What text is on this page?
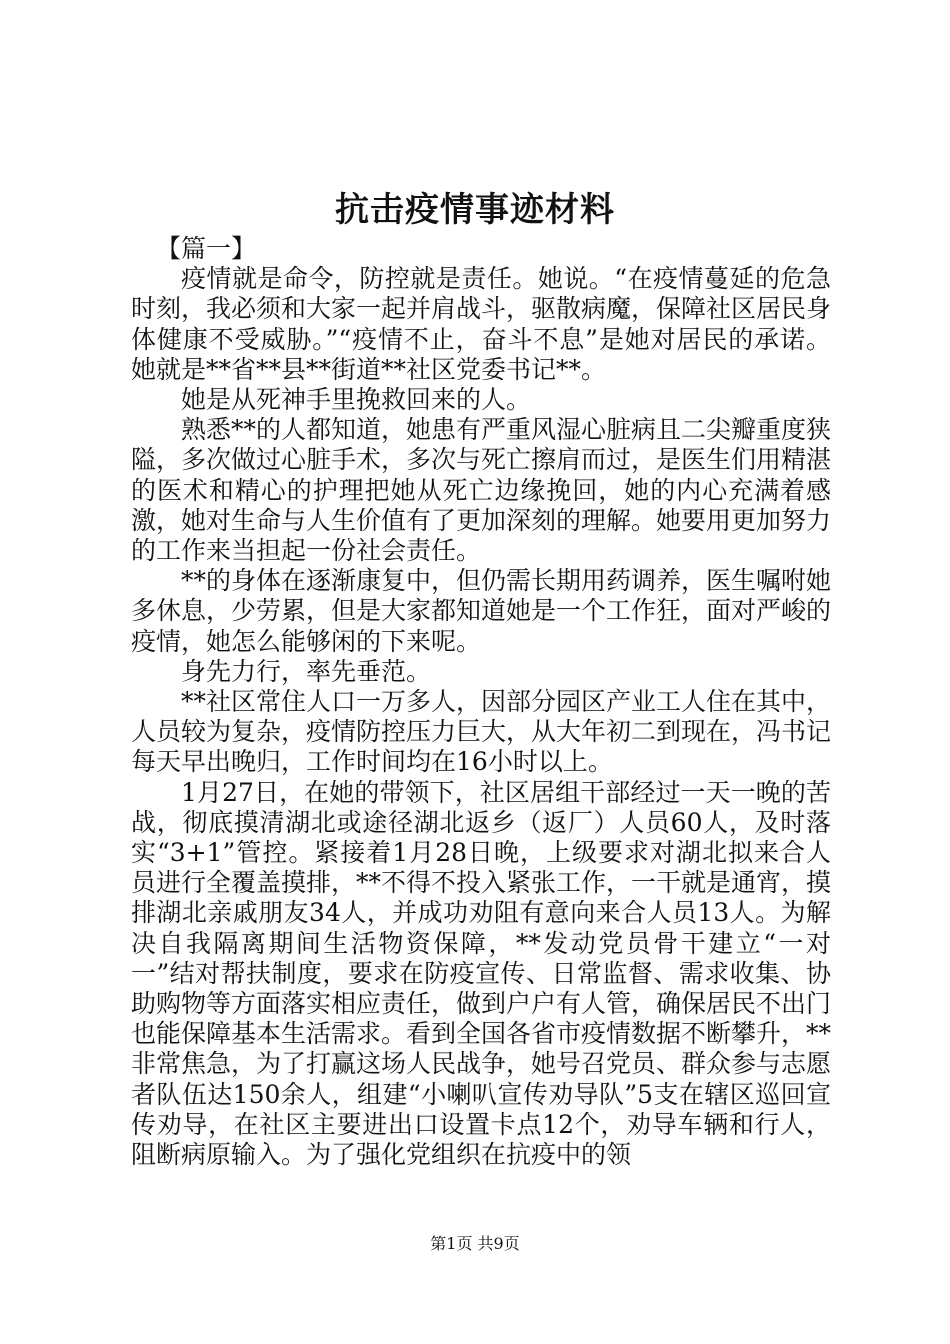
抗击疫情事迹材料

【篇一】

疫情就是命令，防控就是责任。她说。“在疫情蔓延的危急时刻，我必须和大家一起并肩战斗，驱散病魔，保障社区居民身体健康不受威胁。”“疫情不止，奋斗不息”是她对居民的承诺。她就是**省**县**街道**社区党委书记**。

她是从死神手里挽救回来的人。

熟悉**的人都知道，她患有严重风湿心脏病且二尖瓣重度狭隘，多次做过心脏手术，多次与死亡擦肩而过，是医生们用精湛的医术和精心的护理把她从死亡边缘挽回，她的内心充满着感激，她对生命与人生价值有了更加深刻的理解。她要用更加努力的工作来当担起一份社会责任。

**的身体在逐渐康复中，但仍需长期用药调养，医生嘱咐她多休息，少劳累，但是大家都知道她是一个工作狂，面对严峻的疫情，她怎么能够闲的下来呢。

身先力行，率先垂范。

**社区常住人口一万多人，因部分园区产业工人住在其中，人员较为复杂，疫情防控压力巨大，从大年初二到现在，冯书记每天早出晚归，工作时间均在16小时以上。

1月27日，在她的带领下，社区居组干部经过一天一晚的苦战，彻底摸清湖北或途径湖北返乡（返厂）人员60人，及时落实“3+1”管控。紧接着1月28日晚，上级要求对湖北拟来合人员进行全覆盖摸排，**不得不投入紧张工作，一干就是通宵，摸排湖北亲戚朋友34人，并成功劝阻有意向来合人员13人。为解决自我隔离期间生活物资保障，**发动党员骨干建立“一对一”结对帮扶制度，要求在防疫宣传、日常监督、需求收集、协助购物等方面落实相应责任，做到户户有人管，确保居民不出门也能保障基本生活需求。看到全国各省市疫情数据不断攀升，**非常焦急，为了打赢这场人民战争，她号召党员、群众参与志愿者队伍达150余人，组建“小喇叭宣传劝导队”5支在辖区巡回宣传劝导，在社区主要进出口设置卡点12个，劝导车辆和行人，阻断病原输入。为了强化党组织在抗疫中的领

第1页 共9页
